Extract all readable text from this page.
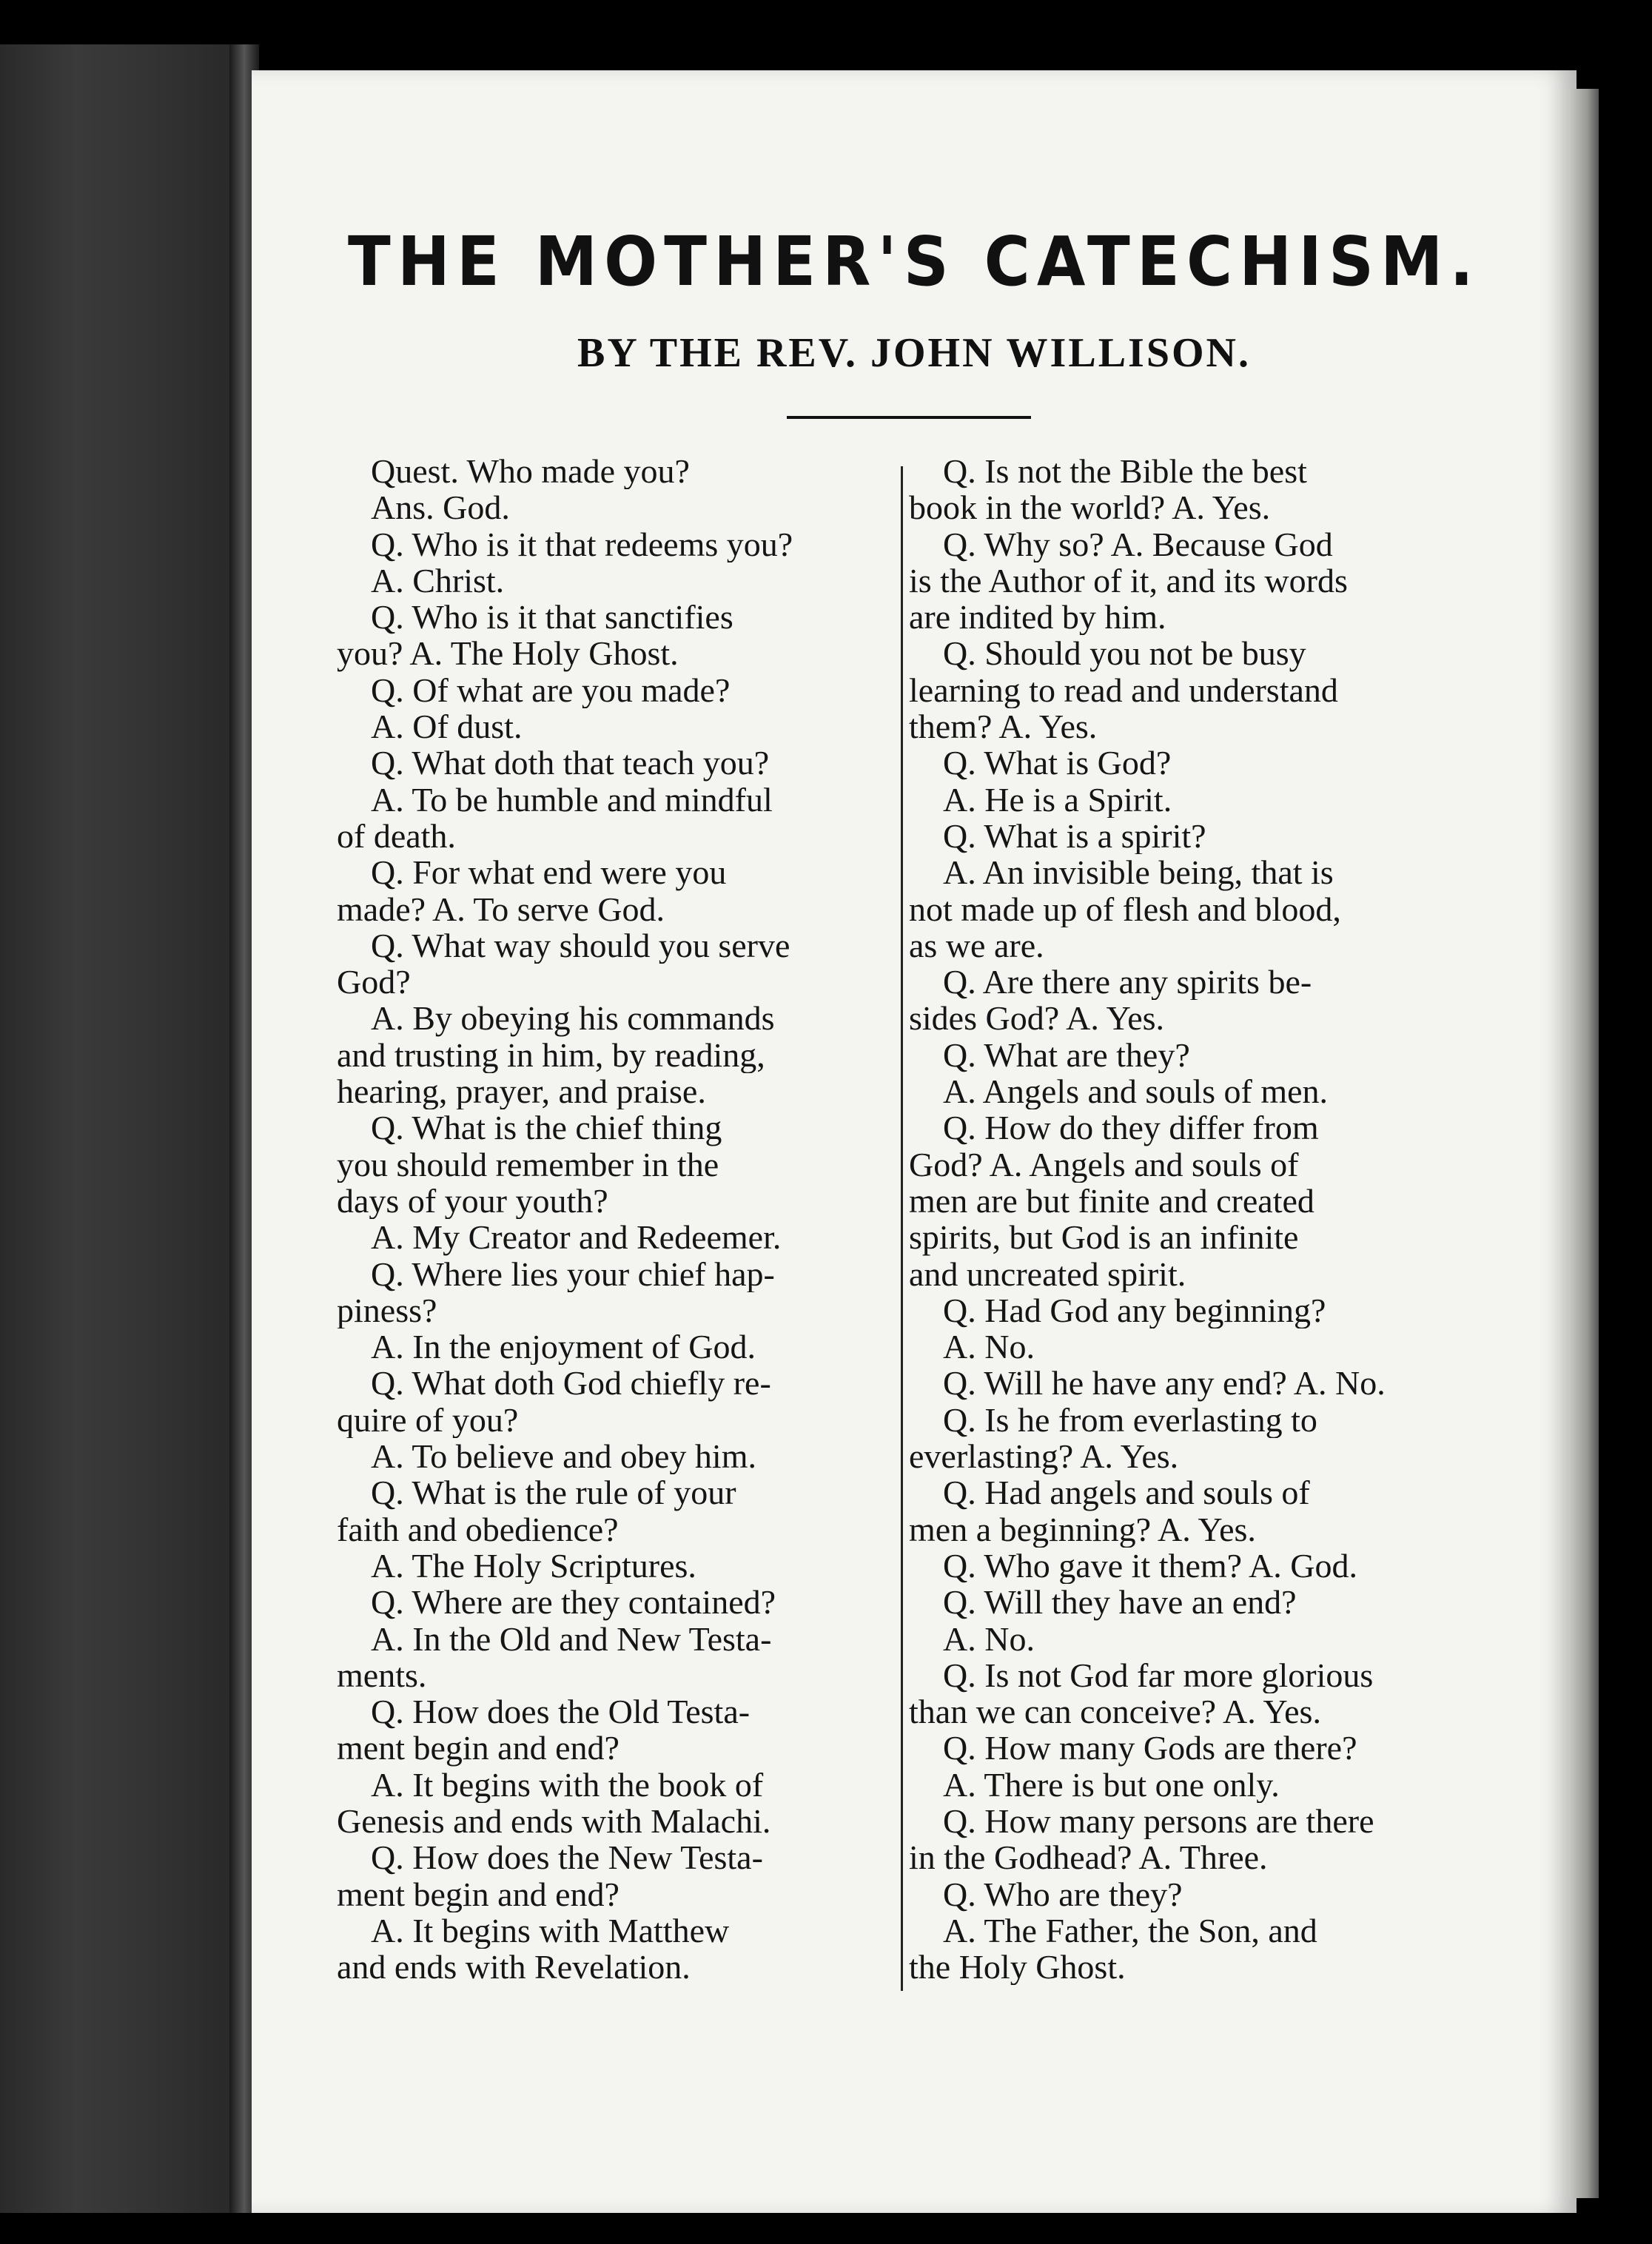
THE MOTHER'S CATECHISM.
BY THE REV. JOHN WILLISON.
Quest. Who made you?
Ans. God.
Q. Who is it that redeems you?
A. Christ.
Q. Who is it that sanctifies
you? A. The Holy Ghost.
Q. Of what are you made?
A. Of dust.
Q. What doth that teach you?
A. To be humble and mindful
of death.
Q. For what end were you
made? A. To serve God.
Q. What way should you serve
God?
A. By obeying his commands
and trusting in him, by reading,
hearing, prayer, and praise.
Q. What is the chief thing
you should remember in the
days of your youth?
A. My Creator and Redeemer.
Q. Where lies your chief hap-
piness?
A. In the enjoyment of God.
Q. What doth God chiefly re-
quire of you?
A. To believe and obey him.
Q. What is the rule of your
faith and obedience?
A. The Holy Scriptures.
Q. Where are they contained?
A. In the Old and New Testa-
ments.
Q. How does the Old Testa-
ment begin and end?
A. It begins with the book of
Genesis and ends with Malachi.
Q. How does the New Testa-
ment begin and end?
A. It begins with Matthew
and ends with Revelation.
Q. Is not the Bible the best
book in the world? A. Yes.
Q. Why so? A. Because God
is the Author of it, and its words
are indited by him.
Q. Should you not be busy
learning to read and understand
them? A. Yes.
Q. What is God?
A. He is a Spirit.
Q. What is a spirit?
A. An invisible being, that is
not made up of flesh and blood,
as we are.
Q. Are there any spirits be-
sides God? A. Yes.
Q. What are they?
A. Angels and souls of men.
Q. How do they differ from
God? A. Angels and souls of
men are but finite and created
spirits, but God is an infinite
and uncreated spirit.
Q. Had God any beginning?
A. No.
Q. Will he have any end? A. No.
Q. Is he from everlasting to
everlasting? A. Yes.
Q. Had angels and souls of
men a beginning? A. Yes.
Q. Who gave it them? A. God.
Q. Will they have an end?
A. No.
Q. Is not God far more glorious
than we can conceive? A. Yes.
Q. How many Gods are there?
A. There is but one only.
Q. How many persons are there
in the Godhead? A. Three.
Q. Who are they?
A. The Father, the Son, and
the Holy Ghost.
